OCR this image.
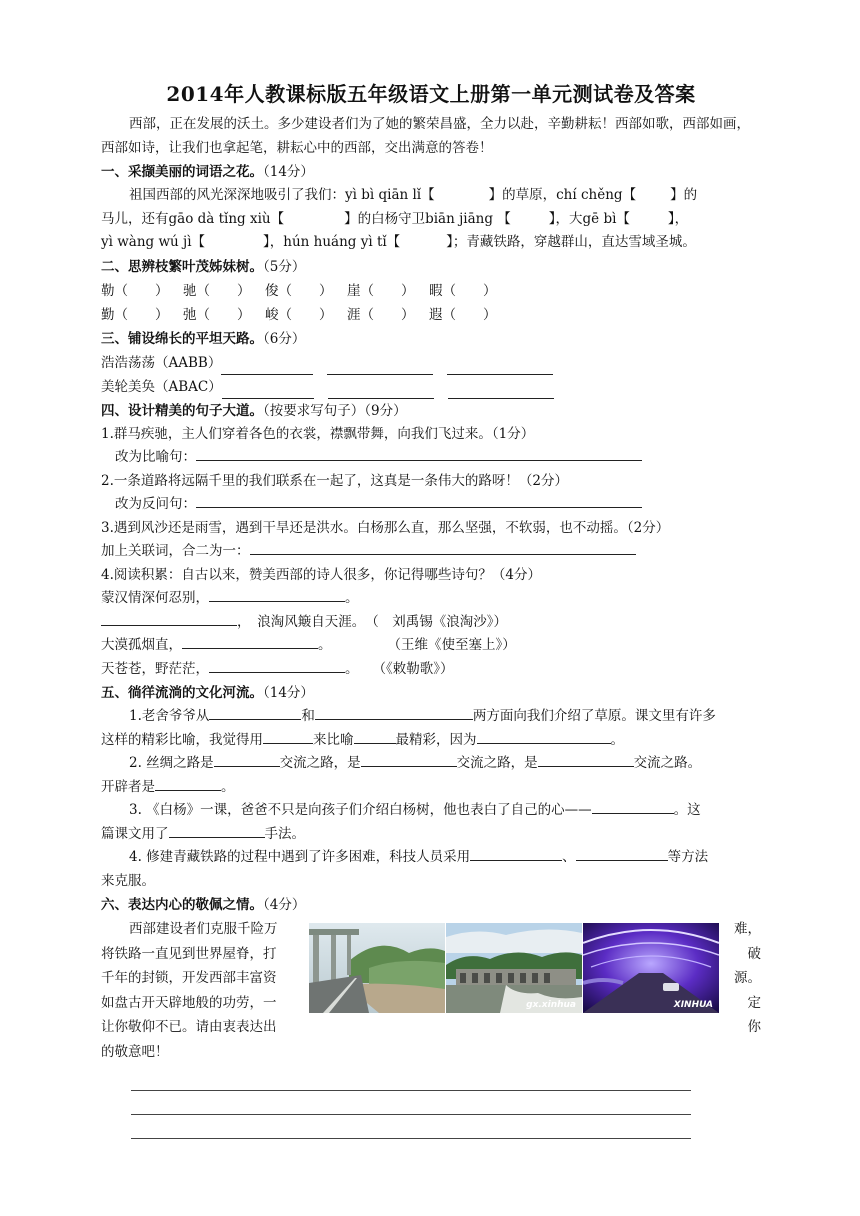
2014年人教课标版五年级语文上册第一单元测试卷及答案

西部，正在发展的沃土。多少建设者们为了她的繁荣昌盛，全力以赴，辛勤耕耘！西部如歌，西部如画，西部如诗，让我们也拿起笔，耕耘心中的西部，交出满意的答卷！

一、采撷美丽的词语之花。（14分）

祖国西部的风光深深地吸引了我们：yì bì qiān lǐ【	】的草原，chí chěng【	】的

马儿，还有gāo dà tǐng xiù【	】的白杨守卫biān jiāng 【	】，大gē bì【	】，

yì wàng wú jì【	】，hún huáng yì tǐ【	】；青藏铁路，穿越群山，直达雪域圣城。

二、思辨枝繁叶茂姊妹树。（5分）

勒（　　）	驰（　　）	俊（　　）	崖（　　）	暇（　　）
勤（　　）	弛（　　）	峻（　　）	涯（　　）	遐（　　）

三、铺设绵长的平坦天路。（6分）

浩浩荡荡（AABB）
美轮美奂（ABAC）

四、设计精美的句子大道。（按要求写句子）（9分）

1.群马疾驰，主人们穿着各色的衣裳，襟飘带舞，向我们飞过来。（1分）

改为比喻句：

2.一条道路将远隔千里的我们联系在一起了，这真是一条伟大的路呀！（2分）

改为反问句：

3.遇到风沙还是雨雪，遇到干旱还是洪水。白杨那么直，那么坚强，不软弱，也不动摇。（2分）

加上关联词，合二为一：

4.阅读积累：自古以来，赞美西部的诗人很多，你记得哪些诗句？（4分）

蒙汉情深何忍别，	。

，　浪淘风簸自天涯。　（　刘禹锡《浪淘沙》）

大漠孤烟直，	。	（王维《使至塞上》）

天苍苍，野茫茫，	。 （《敕勒歌》）

五、徜徉流淌的文化河流。（14分）

1.老舍爷爷从	和	两方面向我们介绍了草原。课文里有许多

这样的精彩比喻，我觉得用	来比喻	最精彩，因为	。

2. 丝绸之路是	交流之路，是	交流之路，是	交流之路。

开辟者是	。

3. 《白杨》一课，爸爸不只是向孩子们介绍白杨树，他也表白了自己的心——	。这

篇课文用了	手法。

4. 修建青藏铁路的过程中遇到了许多困难，科技人员采用	、	等方法

来克服。

六、表达内心的敬佩之情。（4分）

西部建设者们克服千险万	难，
将铁路一直见到世界屋脊，打	破
千年的封锁，开发西部丰富资	源。
如盘古开天辟地般的功劳，一	定
让你敬仰不已。请由衷表达出	你
的敬意吧！
gx.xinhua	XINHUA
